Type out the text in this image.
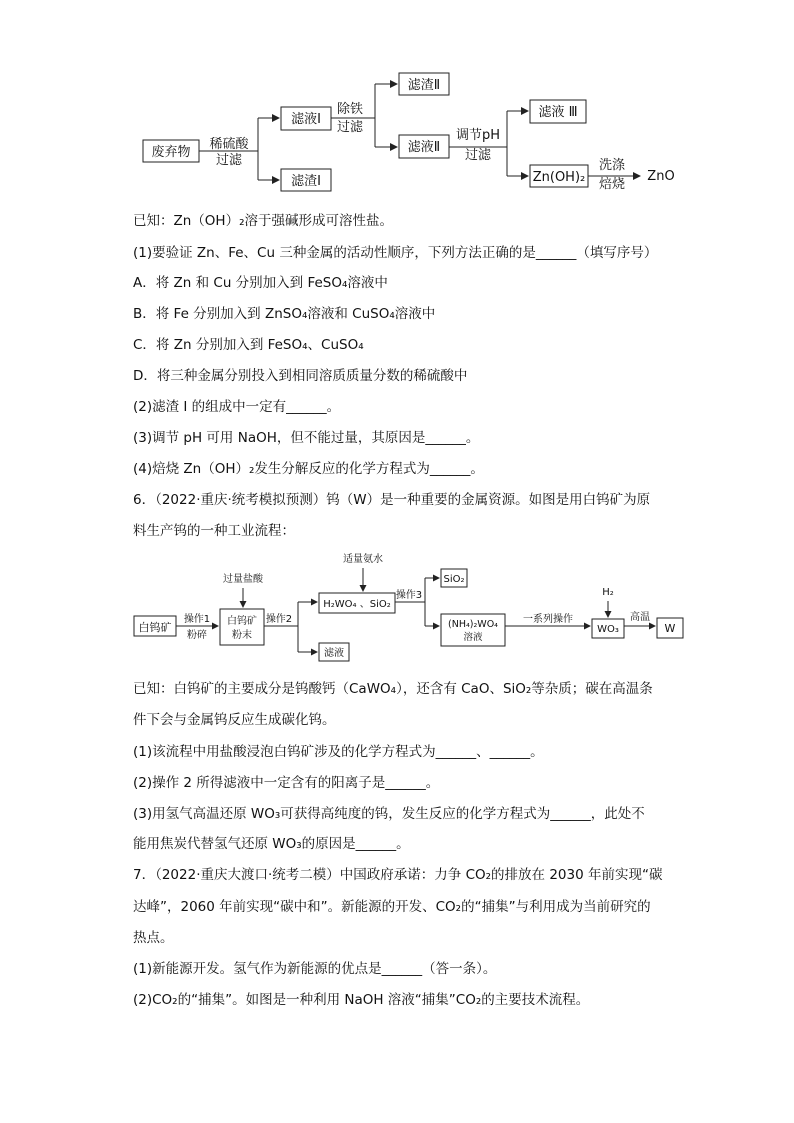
废弃物
稀硫酸
过滤
滤液Ⅰ
滤渣Ⅰ
除铁
过滤
滤渣Ⅱ
滤液Ⅱ
调节pH
过滤
滤液 Ⅲ
Zn(OH)₂
洗涤
焙烧
ZnO
已知：Zn（OH）₂溶于强碱形成可溶性盐。
(1)要验证 Zn、Fe、Cu 三种金属的活动性顺序，下列方法正确的是______（填写序号）
A．将 Zn 和 Cu 分别加入到 FeSO₄溶液中
B．将 Fe 分别加入到 ZnSO₄溶液和 CuSO₄溶液中
C．将 Zn 分别加入到 FeSO₄、CuSO₄
D．将三种金属分别投入到相同溶质质量分数的稀硫酸中
(2)滤渣 Ⅰ 的组成中一定有______。
(3)调节 pH 可用 NaOH，但不能过量，其原因是______。
(4)焙烧 Zn（OH）₂发生分解反应的化学方程式为______。
6．（2022·重庆·统考模拟预测）钨（W）是一种重要的金属资源。如图是用白钨矿为原
料生产钨的一种工业流程：
白钨矿
操作1
粉碎
过量盐酸
白钨矿
粉末
操作2
适量氨水
H₂WO₄ 、SiO₂
滤液
操作3
SiO₂
(NH₄)₂WO₄
溶液
一系列操作
H₂
WO₃
高温
W
已知：白钨矿的主要成分是钨酸钙（CaWO₄），还含有 CaO、SiO₂等杂质；碳在高温条
件下会与金属钨反应生成碳化钨。
(1)该流程中用盐酸浸泡白钨矿涉及的化学方程式为______、______。
(2)操作 2 所得滤液中一定含有的阳离子是______。
(3)用氢气高温还原 WO₃可获得高纯度的钨，发生反应的化学方程式为______，此处不
能用焦炭代替氢气还原 WO₃的原因是______。
7．（2022·重庆大渡口·统考二模）中国政府承诺：力争 CO₂的排放在 2030 年前实现“碳
达峰”，2060 年前实现“碳中和”。新能源的开发、CO₂的“捕集”与利用成为当前研究的
热点。
(1)新能源开发。氢气作为新能源的优点是______（答一条）。
(2)CO₂的“捕集”。如图是一种利用 NaOH 溶液“捕集”CO₂的主要技术流程。
